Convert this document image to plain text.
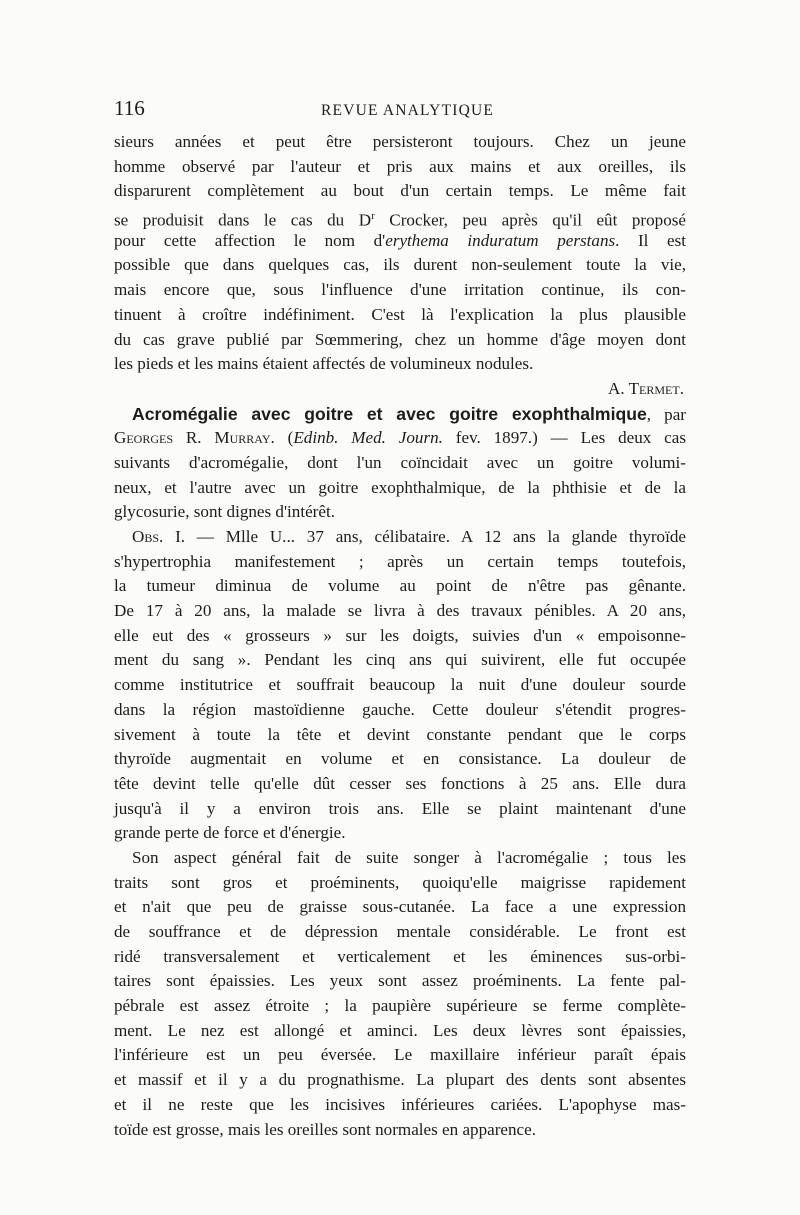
116	REVUE ANALYTIQUE
sieurs années et peut être persisteront toujours. Chez un jeune
homme observé par l'auteur et pris aux mains et aux oreilles, ils
disparurent complètement au bout d'un certain temps. Le même fait
se produisit dans le cas du $D^r$ Crocker, peu après qu'il eût proposé
pour cette affection le nom d'erythema induratum perstans. Il est
possible que dans quelques cas, ils durent non-seulement toute la vie,
mais encore que, sous l'influence d'une irritation continue, ils con-
tinuent à croître indéfiniment. C'est là l'explication la plus plausible
du cas grave publié par Sœmmering, chez un homme d'âge moyen dont
les pieds et les mains étaient affectés de volumineux nodules.
A. Termet.
Acromégalie avec goitre et avec goitre exophthalmique, par
Georges R. Murray. (Edinb. Med. Journ. fev. 1897.) — Les deux cas
suivants d'acromégalie, dont l'un coïncidait avec un goitre volumi-
neux, et l'autre avec un goitre exophthalmique, de la phthisie et de la
glycosurie, sont dignes d'intérêt.
Obs. I. — Mlle U... 37 ans, célibataire. A 12 ans la glande thyroïde
s'hypertrophia manifestement ; après un certain temps toutefois,
la tumeur diminua de volume au point de n'être pas gênante.
De 17 à 20 ans, la malade se livra à des travaux pénibles. A 20 ans,
elle eut des « grosseurs » sur les doigts, suivies d'un « empoisonne-
ment du sang ». Pendant les cinq ans qui suivirent, elle fut occupée
comme institutrice et souffrait beaucoup la nuit d'une douleur sourde
dans la région mastoïdienne gauche. Cette douleur s'étendit progres-
sivement à toute la tête et devint constante pendant que le corps
thyroïde augmentait en volume et en consistance. La douleur de
tête devint telle qu'elle dût cesser ses fonctions à 25 ans. Elle dura
jusqu'à il y a environ trois ans. Elle se plaint maintenant d'une
grande perte de force et d'énergie.
Son aspect général fait de suite songer à l'acromégalie ; tous les
traits sont gros et proéminents, quoiqu'elle maigrisse rapidement
et n'ait que peu de graisse sous-cutanée. La face a une expression
de souffrance et de dépression mentale considérable. Le front est
ridé transversalement et verticalement et les éminences sus-orbi-
taires sont épaissies. Les yeux sont assez proéminents. La fente pal-
pébrale est assez étroite ; la paupière supérieure se ferme complète-
ment. Le nez est allongé et aminci. Les deux lèvres sont épaissies,
l'inférieure est un peu éversée. Le maxillaire inférieur paraît épais
et massif et il y a du prognathisme. La plupart des dents sont absentes
et il ne reste que les incisives inférieures cariées. L'apophyse mas-
toïde est grosse, mais les oreilles sont normales en apparence.
